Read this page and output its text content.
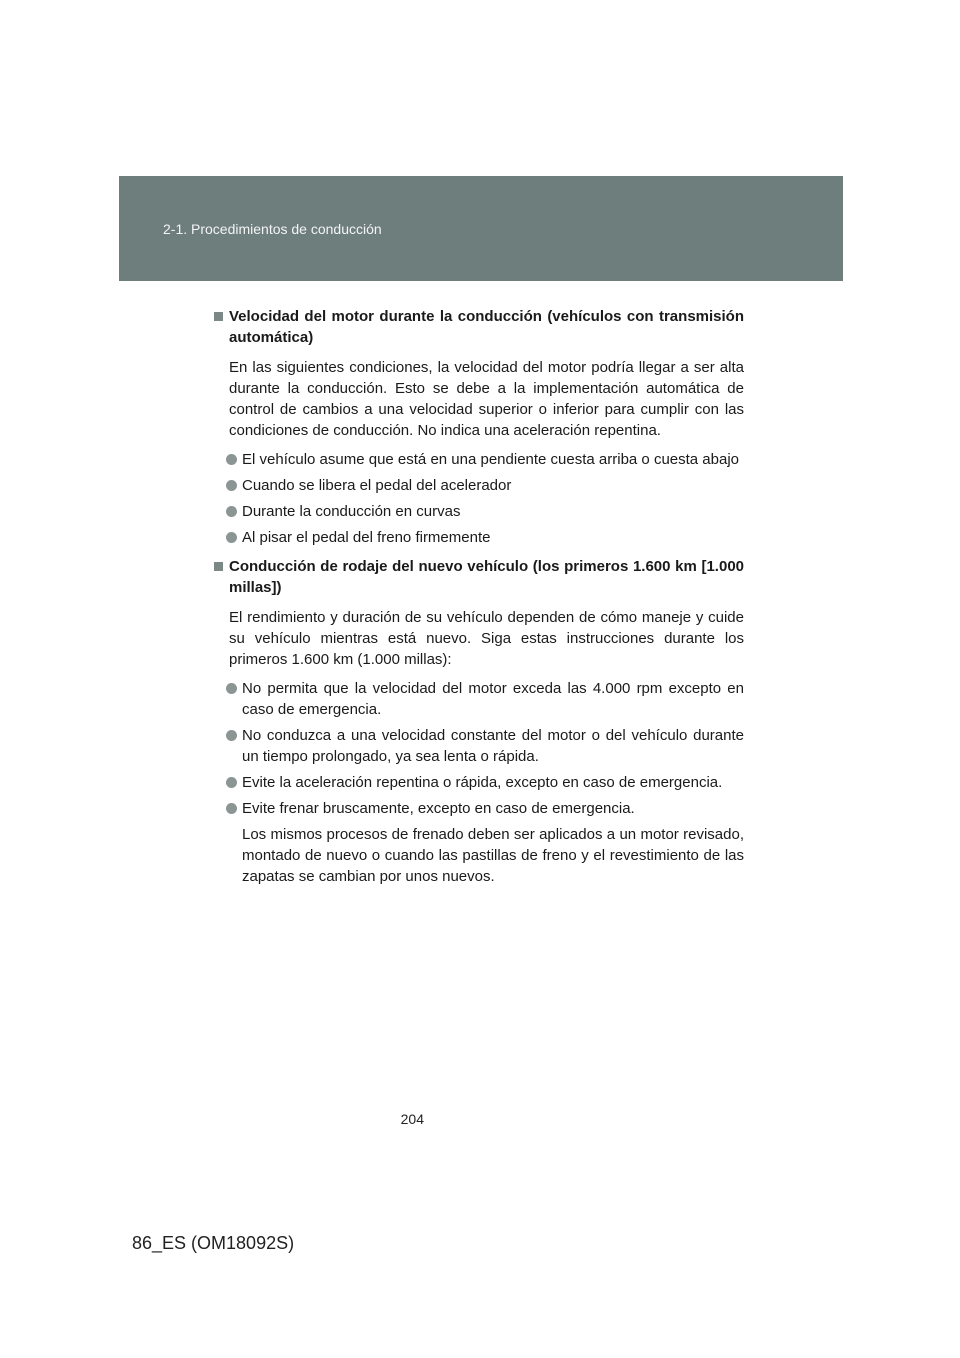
2-1. Procedimientos de conducción
Velocidad del motor durante la conducción (vehículos con transmisión automática)
En las siguientes condiciones, la velocidad del motor podría llegar a ser alta durante la conducción. Esto se debe a la implementación automática de control de cambios a una velocidad superior o inferior para cumplir con las condiciones de conducción. No indica una aceleración repentina.
El vehículo asume que está en una pendiente cuesta arriba o cuesta abajo
Cuando se libera el pedal del acelerador
Durante la conducción en curvas
Al pisar el pedal del freno firmemente
Conducción de rodaje del nuevo vehículo (los primeros 1.600 km [1.000 millas])
El rendimiento y duración de su vehículo dependen de cómo maneje y cuide su vehículo mientras está nuevo. Siga estas instrucciones durante los primeros 1.600 km (1.000 millas):
No permita que la velocidad del motor exceda las 4.000 rpm excepto en caso de emergencia.
No conduzca a una velocidad constante del motor o del vehículo durante un tiempo prolongado, ya sea lenta o rápida.
Evite la aceleración repentina o rápida, excepto en caso de emergencia.
Evite frenar bruscamente, excepto en caso de emergencia.
Los mismos procesos de frenado deben ser aplicados a un motor revisado, montado de nuevo o cuando las pastillas de freno y el revestimiento de las zapatas se cambian por unos nuevos.
204
86_ES (OM18092S)
